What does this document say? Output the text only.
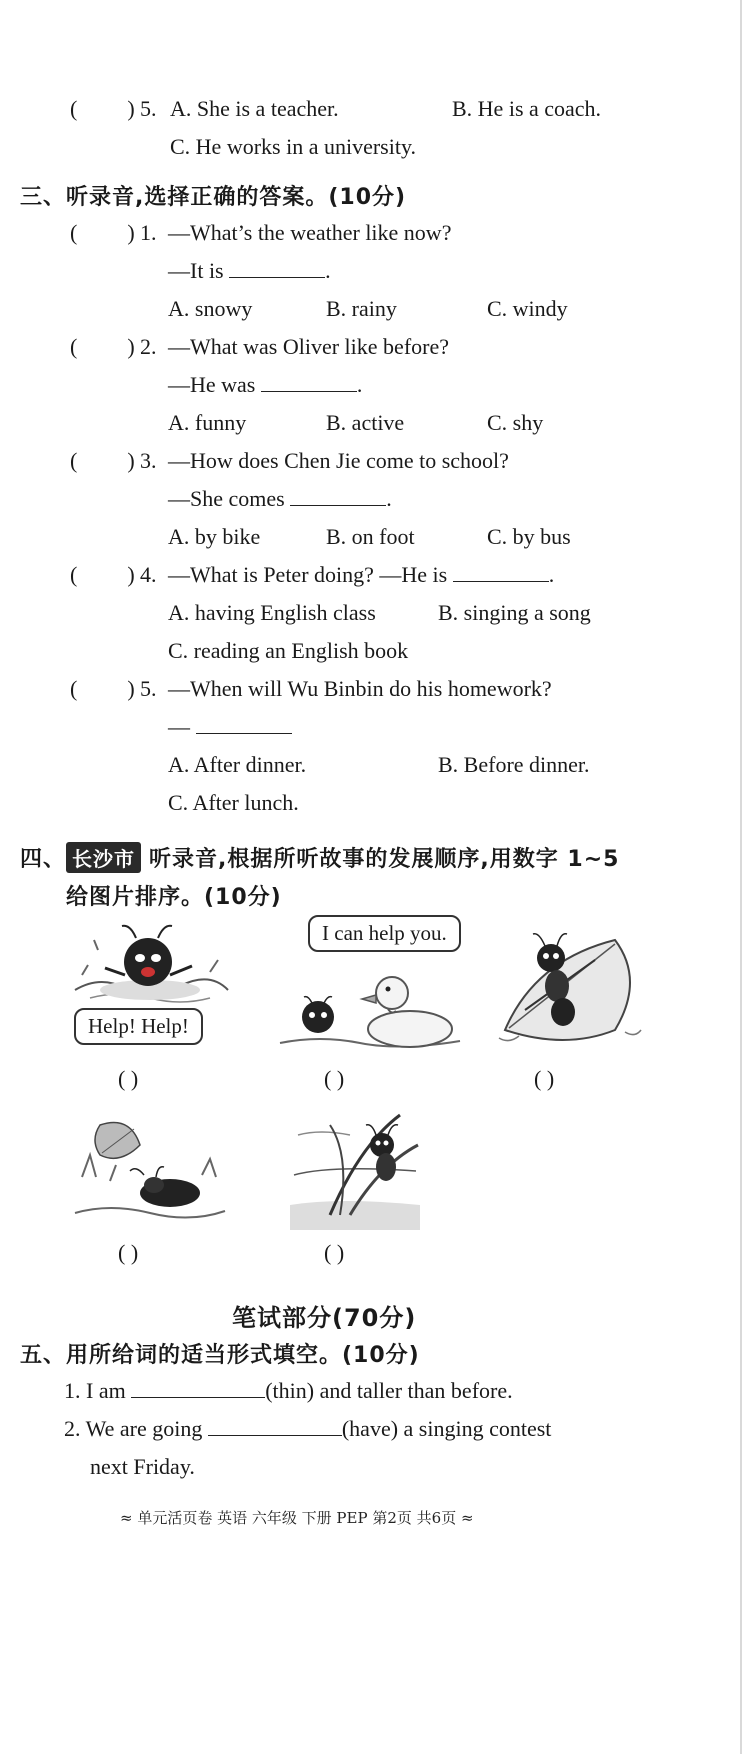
( ) 5. A. She is a teacher.	B. He is a coach.
C. He works in a university.
三、听录音,选择正确的答案。(10分)
( ) 1. —What’s the weather like now?
—It is	.
A. snowy	B. rainy	C. windy
( ) 2. —What was Oliver like before?
—He was	.
A. funny	B. active	C. shy
( ) 3. —How does Chen Jie come to school?
—She comes	.
A. by bike	B. on foot	C. by bus
( ) 4. —What is Peter doing? —He is	.
A. having English class	B. singing a song
C. reading an English book
( ) 5. —When will Wu Binbin do his homework?
—
A. After dinner.	B. Before dinner.
C. After lunch.
四、 长沙市 听录音,根据所听故事的发展顺序,用数字 1~5
给图片排序。(10分)
Help! Help!
( )
I can help you.
( )	( )
( )	( )
笔试部分(70分)
五、用所给词的适当形式填空。(10分)
1. I am	(thin) and taller than before.
2. We are going	(have) a singing contest
next Friday.
≈ 单元活页卷 英语 六年级 下册 PEP 第2页 共6页 ≈
